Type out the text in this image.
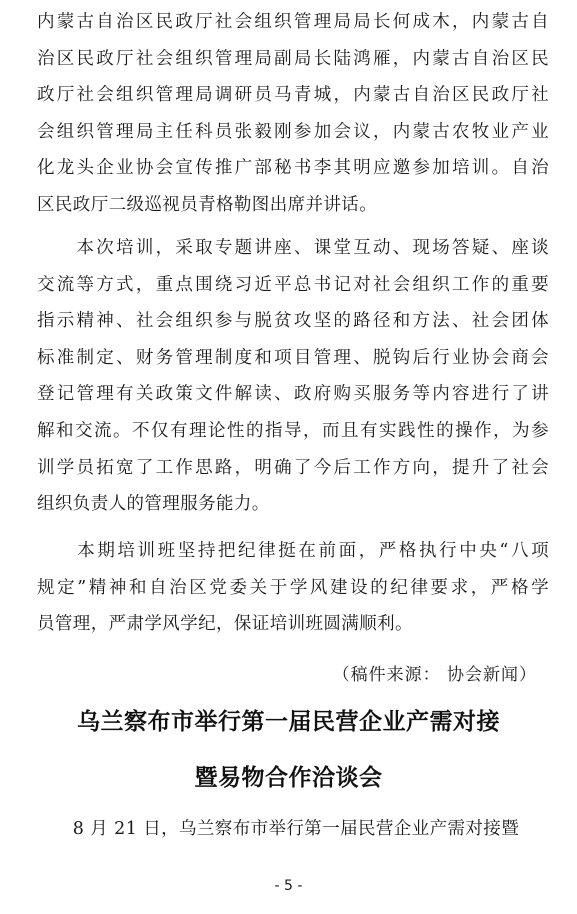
内蒙古自治区民政厅社会组织管理局局长何成木，内蒙古自
治区民政厅社会组织管理局副局长陆鸿雁，内蒙古自治区民
政厅社会组织管理局调研员马青城，内蒙古自治区民政厅社
会组织管理局主任科员张毅刚参加会议，内蒙古农牧业产业
化龙头企业协会宣传推广部秘书李其明应邀参加培训。自治
区民政厅二级巡视员青格勒图出席并讲话。
　　本次培训，采取专题讲座、课堂互动、现场答疑、座谈
交流等方式，重点围绕习近平总书记对社会组织工作的重要
指示精神、社会组织参与脱贫攻坚的路径和方法、社会团体
标准制定、财务管理制度和项目管理、脱钩后行业协会商会
登记管理有关政策文件解读、政府购买服务等内容进行了讲
解和交流。不仅有理论性的指导，而且有实践性的操作，为参
训学员拓宽了工作思路，明确了今后工作方向，提升了社会
组织负责人的管理服务能力。
　　本期培训班坚持把纪律挺在前面，严格执行中央“八项
规定”精神和自治区党委关于学风建设的纪律要求，严格学
员管理，严肃学风学纪，保证培训班圆满顺利。
（稿件来源： 协会新闻）
乌兰察布市举行第一届民营企业产需对接
暨易物合作洽谈会
　　8 月 21 日，乌兰察布市举行第一届民营企业产需对接暨
- 5 -
